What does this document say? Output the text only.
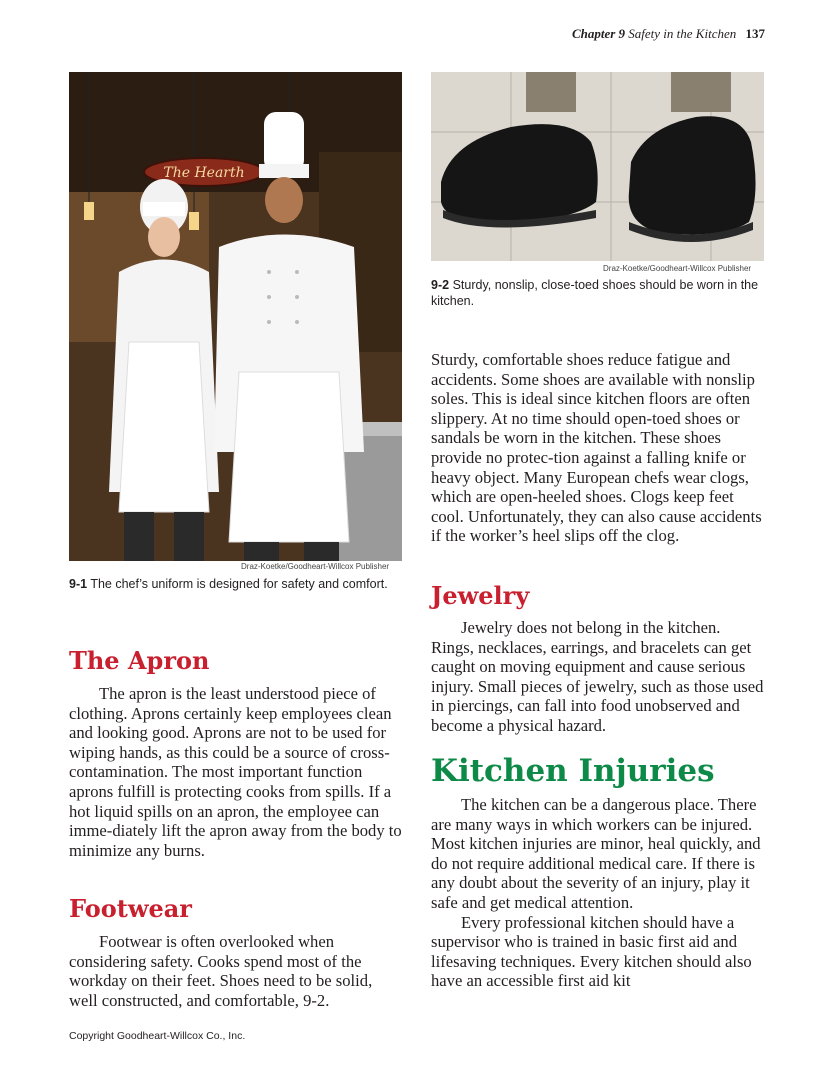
Chapter 9 Safety in the Kitchen 137
The Hearth
Draz-Koetke/Goodheart-Willcox Publisher
9-1 The chef’s uniform is designed for safety and comfort.
Draz-Koetke/Goodheart-Willcox Publisher
9-2 Sturdy, nonslip, close-toed shoes should be worn in the kitchen.
The Apron

The apron is the least understood piece of clothing. Aprons certainly keep employees clean and looking good. Aprons are not to be used for wiping hands, as this could be a source of cross-contamination. The most important function aprons fulfill is protecting cooks from spills. If a hot liquid spills on an apron, the employee can imme-diately lift the apron away from the body to minimize any burns.

Footwear

Footwear is often overlooked when considering safety. Cooks spend most of the workday on their feet. Shoes need to be solid, well constructed, and comfortable, 9-2.

Sturdy, comfortable shoes reduce fatigue and accidents. Some shoes are available with nonslip soles. This is ideal since kitchen floors are often slippery. At no time should open-toed shoes or sandals be worn in the kitchen. These shoes provide no protec-tion against a falling knife or heavy object. Many European chefs wear clogs, which are open-heeled shoes. Clogs keep feet cool. Unfortunately, they can also cause accidents if the worker’s heel slips off the clog.

Jewelry

Jewelry does not belong in the kitchen. Rings, necklaces, earrings, and bracelets can get caught on moving equipment and cause serious injury. Small pieces of jewelry, such as those used in piercings, can fall into food unobserved and become a physical hazard.

Kitchen Injuries

The kitchen can be a dangerous place. There are many ways in which workers can be injured. Most kitchen injuries are minor, heal quickly, and do not require additional medical care. If there is any doubt about the severity of an injury, play it safe and get medical attention.

Every professional kitchen should have a supervisor who is trained in basic first aid and lifesaving techniques. Every kitchen should also have an accessible first aid kit

Copyright Goodheart-Willcox Co., Inc.
